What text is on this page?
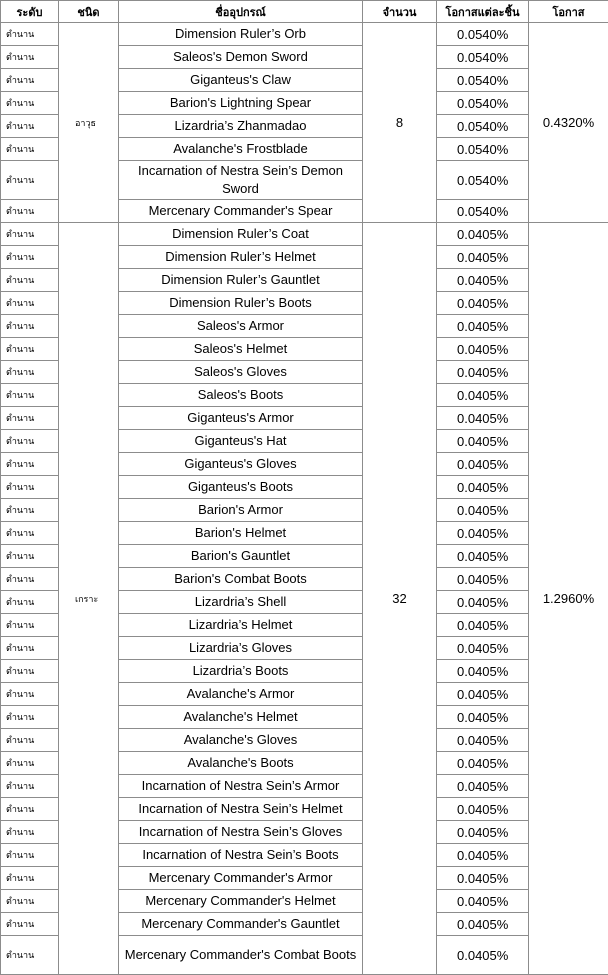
ระดับ	ชนิด	ชื่ออุปกรณ์	จำนวน	โอกาสแต่ละชิ้น	โอกาส
ตำนาน	อาวุธ	Dimension Ruler’s Orb	8	0.0540%	0.4320%
ตำนาน		Saleos's Demon Sword		0.0540%	
ตำนาน		Giganteus's Claw		0.0540%	
ตำนาน		Barion's Lightning Spear		0.0540%	
ตำนาน		Lizardria’s Zhanmadao		0.0540%	
ตำนาน		Avalanche's Frostblade		0.0540%	
ตำนาน		Incarnation of Nestra Sein’s Demon Sword		0.0540%	
ตำนาน		Mercenary Commander's Spear		0.0540%	
ตำนาน	เกราะ	Dimension Ruler’s Coat	32	0.0405%	1.2960%
ตำนาน		Dimension Ruler’s Helmet		0.0405%	
ตำนาน		Dimension Ruler’s Gauntlet		0.0405%	
ตำนาน		Dimension Ruler’s Boots		0.0405%	
ตำนาน		Saleos's Armor		0.0405%	
ตำนาน		Saleos's Helmet		0.0405%	
ตำนาน		Saleos's Gloves		0.0405%	
ตำนาน		Saleos's Boots		0.0405%	
ตำนาน		Giganteus's Armor		0.0405%	
ตำนาน		Giganteus's Hat		0.0405%	
ตำนาน		Giganteus's Gloves		0.0405%	
ตำนาน		Giganteus's Boots		0.0405%	
ตำนาน		Barion's Armor		0.0405%	
ตำนาน		Barion's Helmet		0.0405%	
ตำนาน		Barion's Gauntlet		0.0405%	
ตำนาน		Barion's Combat Boots		0.0405%	
ตำนาน		Lizardria’s Shell		0.0405%	
ตำนาน		Lizardria’s Helmet		0.0405%	
ตำนาน		Lizardria’s Gloves		0.0405%	
ตำนาน		Lizardria’s Boots		0.0405%	
ตำนาน		Avalanche's Armor		0.0405%	
ตำนาน		Avalanche's Helmet		0.0405%	
ตำนาน		Avalanche's Gloves		0.0405%	
ตำนาน		Avalanche's Boots		0.0405%	
ตำนาน		Incarnation of Nestra Sein’s Armor		0.0405%	
ตำนาน		Incarnation of Nestra Sein’s Helmet		0.0405%	
ตำนาน		Incarnation of Nestra Sein’s Gloves		0.0405%	
ตำนาน		Incarnation of Nestra Sein’s Boots		0.0405%	
ตำนาน		Mercenary Commander's Armor		0.0405%	
ตำนาน		Mercenary Commander's Helmet		0.0405%	
ตำนาน		Mercenary Commander's Gauntlet		0.0405%	
ตำนาน		Mercenary Commander's Combat Boots		0.0405%	
